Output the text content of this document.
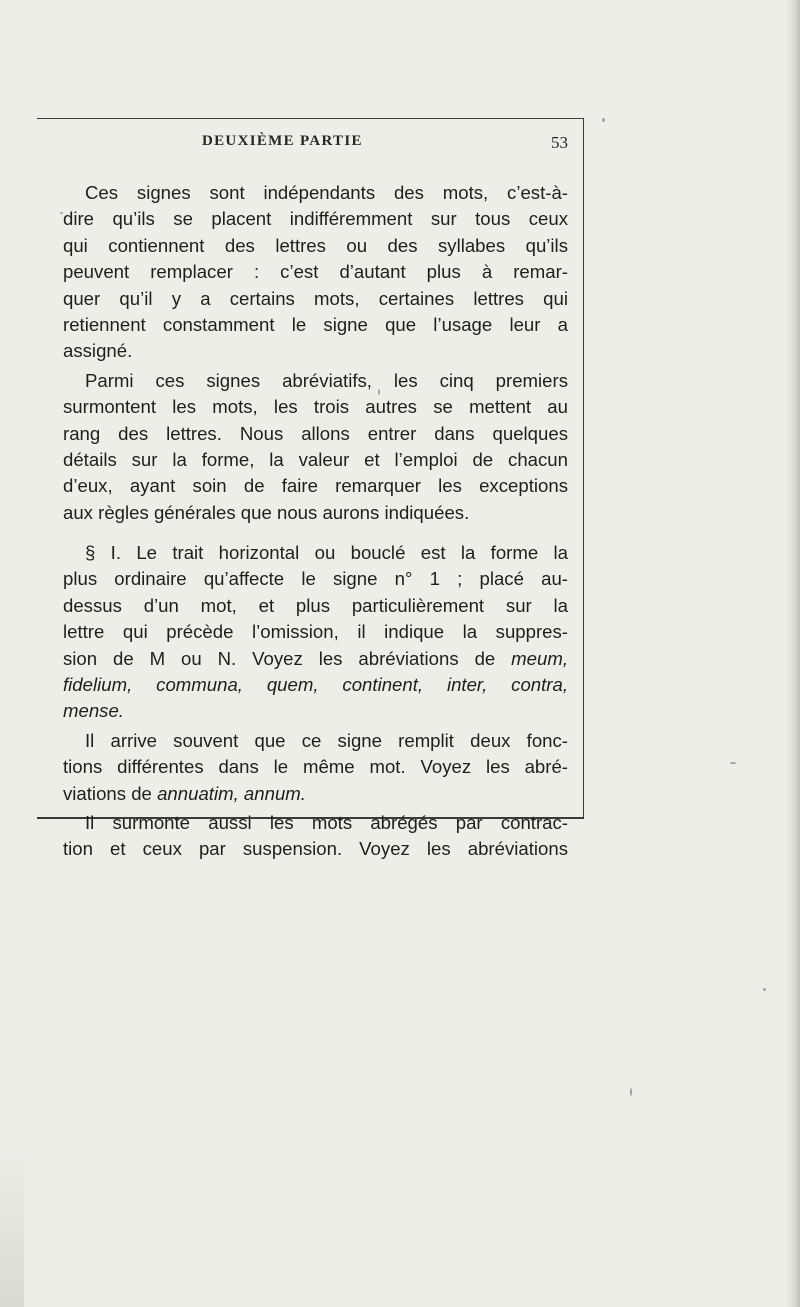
DEUXIÈME PARTIE	53
Ces signes sont indépendants des mots, c’est-à-
dire qu’ils se placent indifféremment sur tous ceux
qui contiennent des lettres ou des syllabes qu’ils
peuvent remplacer : c’est d’autant plus à remar-
quer qu’il y a certains mots, certaines lettres qui
retiennent constamment le signe que l’usage leur a
assigné.
Parmi ces signes abréviatifs, les cinq premiers
surmontent les mots, les trois autres se mettent au
rang des lettres. Nous allons entrer dans quelques
détails sur la forme, la valeur et l’emploi de chacun
d’eux, ayant soin de faire remarquer les exceptions
aux règles générales que nous aurons indiquées.
§ I. Le trait horizontal ou bouclé est la forme la
plus ordinaire qu’affecte le signe n° 1 ; placé au-
dessus d’un mot, et plus particulièrement sur la
lettre qui précède l’omission, il indique la suppres-
sion de M ou N. Voyez les abréviations de meum,
fidelium, communa, quem, continent, inter, contra,
mense.
Il arrive souvent que ce signe remplit deux fonc-
tions différentes dans le même mot. Voyez les abré-
viations de annuatim, annum.
Il surmonte aussi les mots abrégés par contrac-
tion et ceux par suspension. Voyez les abréviations
